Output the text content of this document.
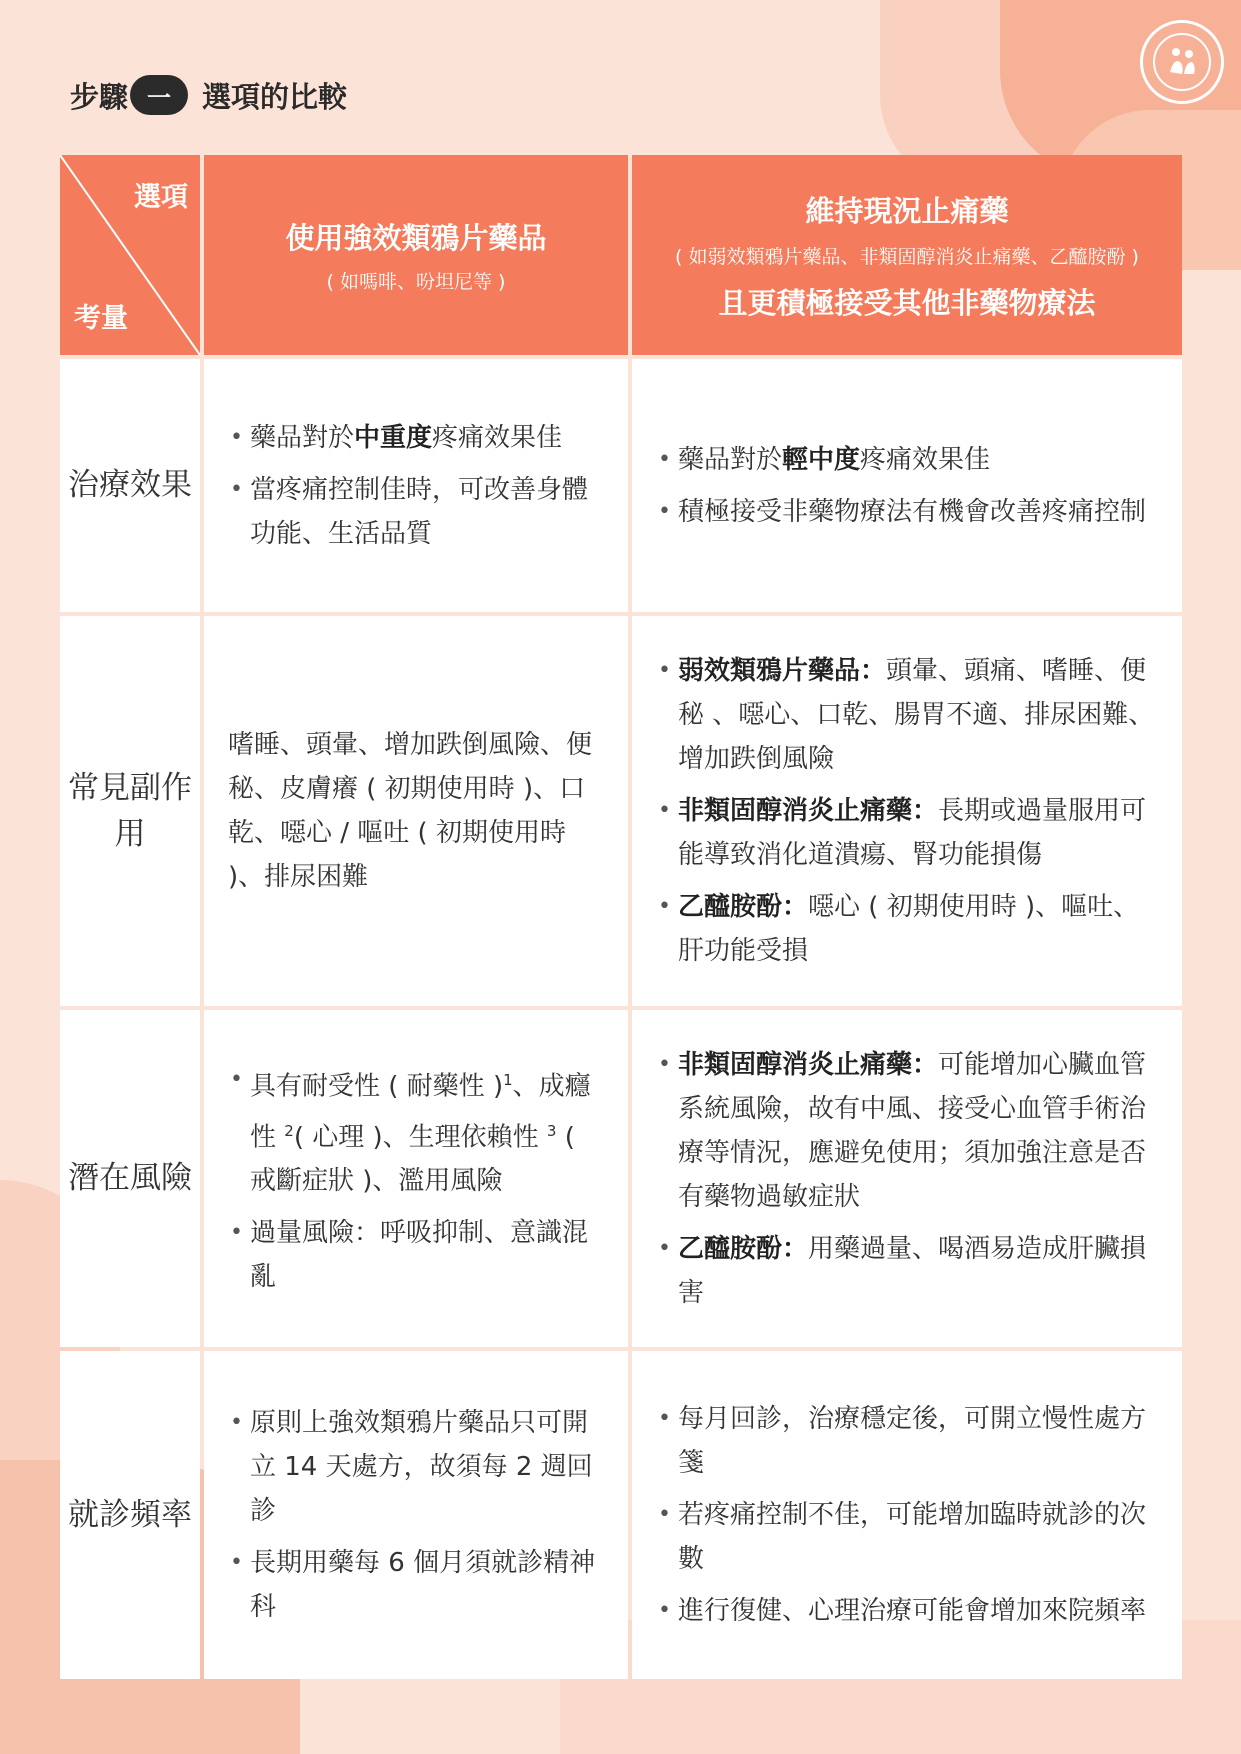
步驟 一	選項的比較
選項
考量
使用強效類鴉片藥品
( 如嗎啡、吩坦尼等 )
維持現況止痛藥
( 如弱效類鴉片藥品、非類固醇消炎止痛藥、乙醯胺酚 )
且更積極接受其他非藥物療法
治療效果
• 藥品對於中重度疼痛效果佳
• 當疼痛控制佳時，可改善身體功能、生活品質
• 藥品對於輕中度疼痛效果佳
• 積極接受非藥物療法有機會改善疼痛控制
常見副作用
嗜睡、頭暈、增加跌倒風險、便秘、皮膚癢 ( 初期使用時 )、口乾、噁心 / 嘔吐 ( 初期使用時 )、排尿困難
• 弱效類鴉片藥品：頭暈、頭痛、嗜睡、便秘 、噁心、口乾、腸胃不適、排尿困難、增加跌倒風險
• 非類固醇消炎止痛藥：長期或過量服用可能導致消化道潰瘍、腎功能損傷
• 乙醯胺酚：噁心 ( 初期使用時 )、嘔吐、肝功能受損
潛在風險
• 具有耐受性 ( 耐藥性 )$^1$、成癮性 $^2$( 心理 )、生理依賴性 $^3$ ( 戒斷症狀 )、濫用風險
• 過量風險：呼吸抑制、意識混亂
• 非類固醇消炎止痛藥：可能增加心臟血管系統風險，故有中風、接受心血管手術治療等情況，應避免使用；須加強注意是否有藥物過敏症狀
• 乙醯胺酚：用藥過量、喝酒易造成肝臟損害
就診頻率
• 原則上強效類鴉片藥品只可開立 14 天處方，故須每 2 週回診
• 長期用藥每 6 個月須就診精神科
• 每月回診，治療穩定後，可開立慢性處方箋
• 若疼痛控制不佳，可能增加臨時就診的次數
• 進行復健、心理治療可能會增加來院頻率
